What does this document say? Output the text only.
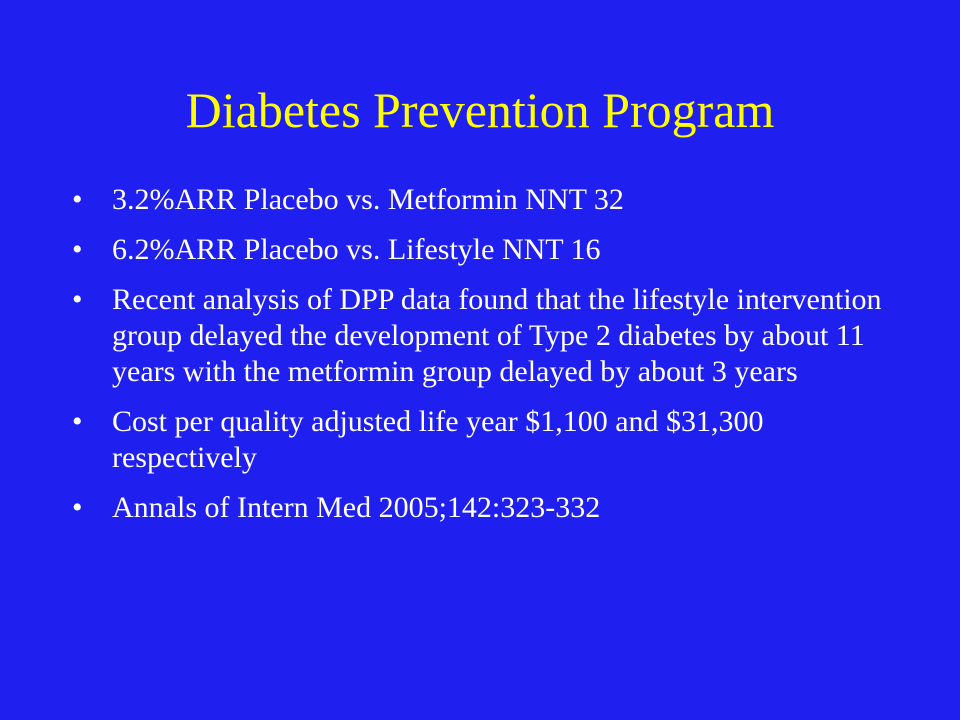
Diabetes Prevention Program
• 3.2%ARR Placebo vs. Metformin NNT 32
• 6.2%ARR Placebo vs. Lifestyle NNT 16
• Recent analysis of DPP data found that the lifestyle intervention group delayed the development of Type 2 diabetes by about 11 years with the metformin group delayed by about 3 years
• Cost per quality adjusted life year $1,100 and $31,300 respectively
• Annals of Intern Med 2005;142:323-332
